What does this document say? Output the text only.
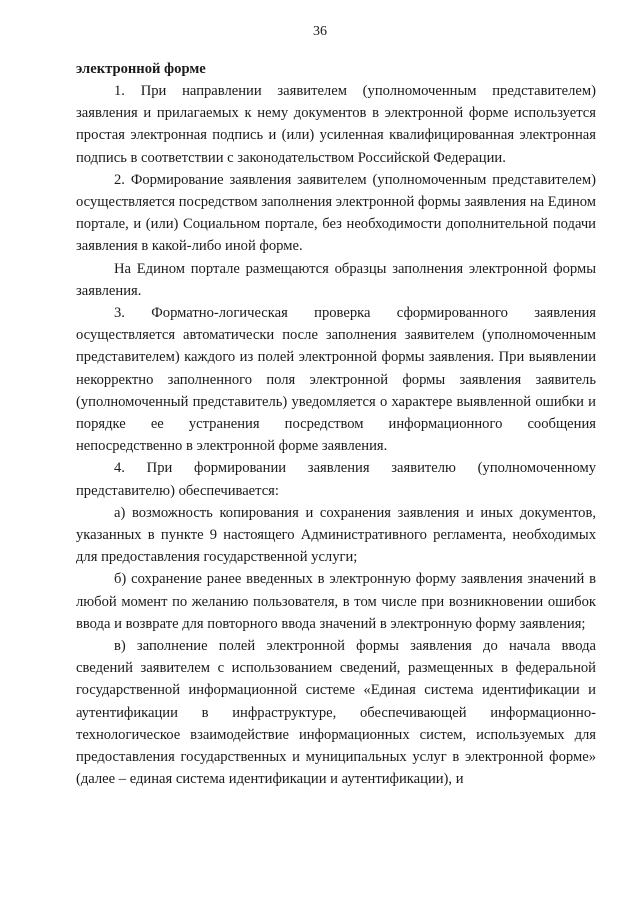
36

электронной форме

1. При направлении заявителем (уполномоченным представителем) заявления и прилагаемых к нему документов в электронной форме используется простая электронная подпись и (или) усиленная квалифицированная электронная подпись в соответствии с законодательством Российской Федерации.

2. Формирование заявления заявителем (уполномоченным представителем) осуществляется посредством заполнения электронной формы заявления на Едином портале, и (или) Социальном портале, без необходимости дополнительной подачи заявления в какой-либо иной форме.

На Едином портале размещаются образцы заполнения электронной формы заявления.

3. Форматно-логическая проверка сформированного заявления осуществляется автоматически после заполнения заявителем (уполномоченным представителем) каждого из полей электронной формы заявления. При выявлении некорректно заполненного поля электронной формы заявления заявитель (уполномоченный представитель) уведомляется о характере выявленной ошибки и порядке ее устранения посредством информационного сообщения непосредственно в электронной форме заявления.

4. При формировании заявления заявителю (уполномоченному представителю) обеспечивается:

а) возможность копирования и сохранения заявления и иных документов, указанных в пункте 9 настоящего Административного регламента, необходимых для предоставления государственной услуги;

б) сохранение ранее введенных в электронную форму заявления значений в любой момент по желанию пользователя, в том числе при возникновении ошибок ввода и возврате для повторного ввода значений в электронную форму заявления;

в) заполнение полей электронной формы заявления до начала ввода сведений заявителем с использованием сведений, размещенных в федеральной государственной информационной системе «Единая система идентификации и аутентификации в инфраструктуре, обеспечивающей информационно-технологическое взаимодействие информационных систем, используемых для предоставления государственных и муниципальных услуг в электронной форме» (далее – единая система идентификации и аутентификации), и
